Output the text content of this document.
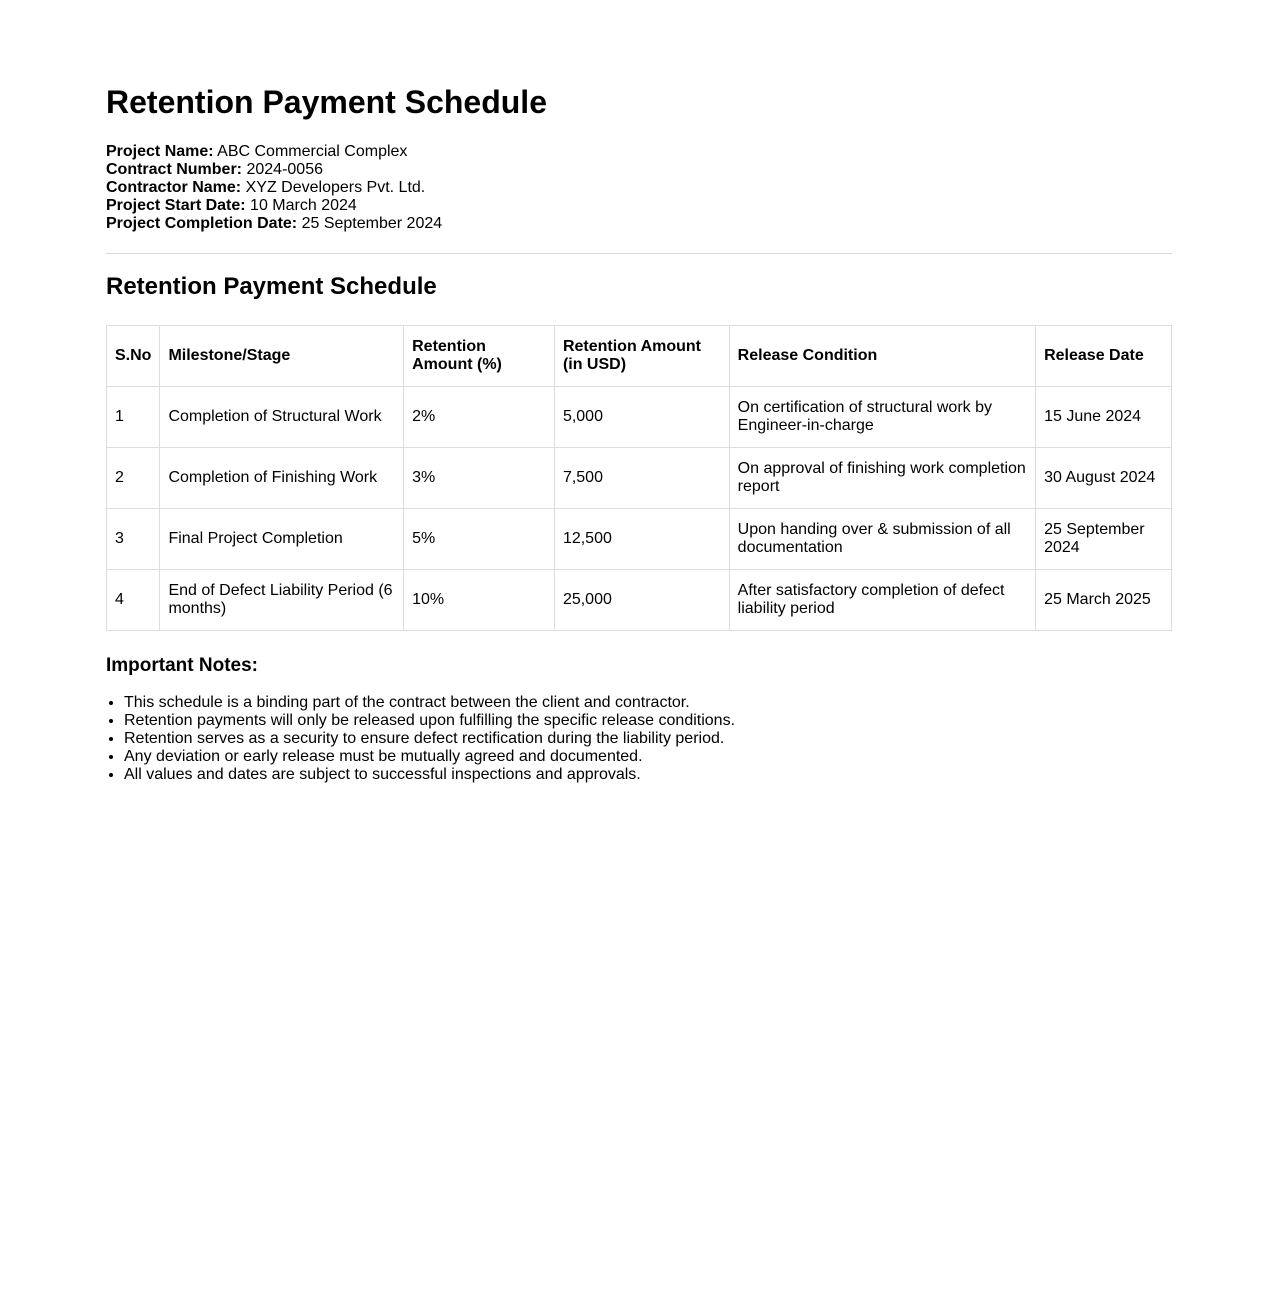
Retention Payment Schedule
Project Name: ABC Commercial Complex
Contract Number: 2024-0056
Contractor Name: XYZ Developers Pvt. Ltd.
Project Start Date: 10 March 2024
Project Completion Date: 25 September 2024
Retention Payment Schedule
S.No	Milestone/Stage	Retention Amount (%)	Retention Amount (in USD)	Release Condition	Release Date
1	Completion of Structural Work	2%	5,000	On certification of structural work by Engineer-in-charge	15 June 2024
2	Completion of Finishing Work	3%	7,500	On approval of finishing work completion report	30 August 2024
3	Final Project Completion	5%	12,500	Upon handing over & submission of all documentation	25 September 2024
4	End of Defect Liability Period (6 months)	10%	25,000	After satisfactory completion of defect liability period	25 March 2025
Important Notes:
• This schedule is a binding part of the contract between the client and contractor.
• Retention payments will only be released upon fulfilling the specific release conditions.
• Retention serves as a security to ensure defect rectification during the liability period.
• Any deviation or early release must be mutually agreed and documented.
• All values and dates are subject to successful inspections and approvals.
